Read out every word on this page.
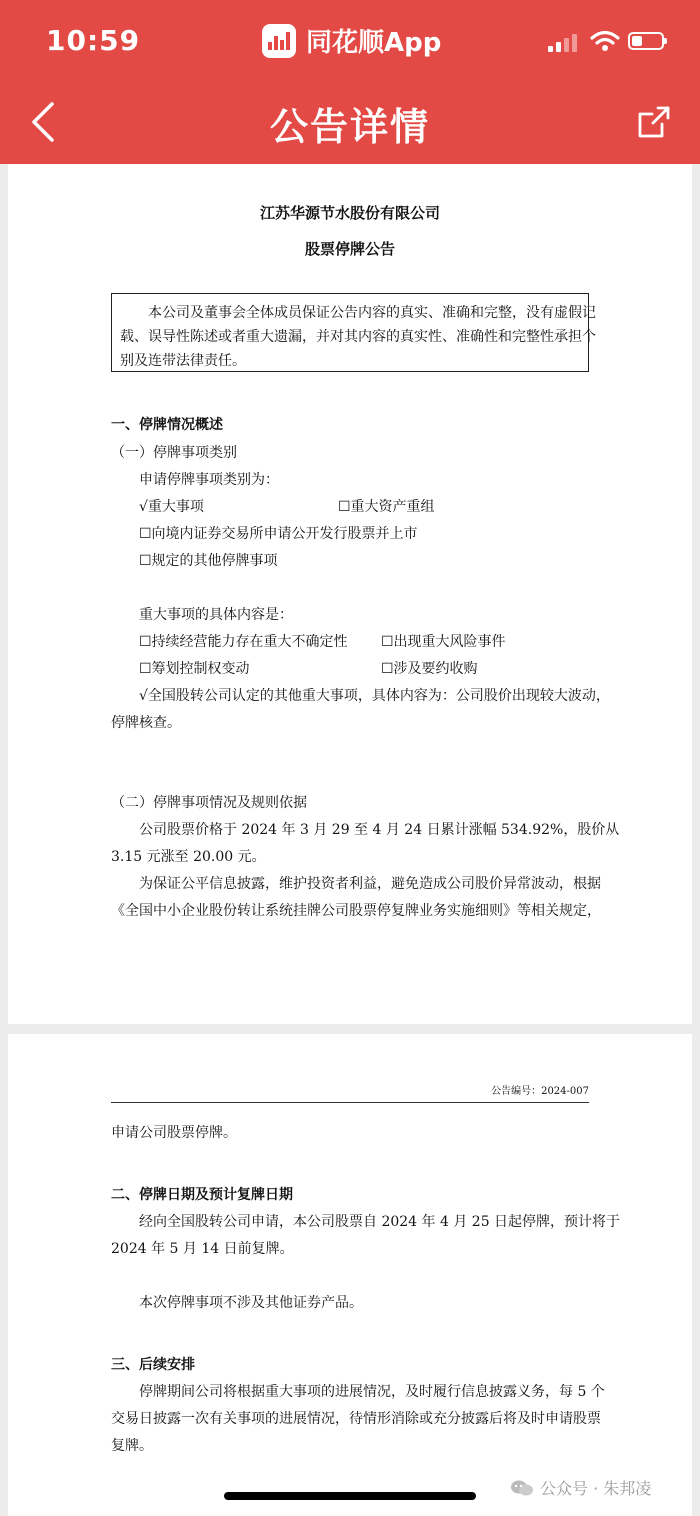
10:59	同花顺App
公告详情
江苏华源节水股份有限公司
股票停牌公告
本公司及董事会全体成员保证公告内容的真实、准确和完整，没有虚假记
载、误导性陈述或者重大遗漏，并对其内容的真实性、准确性和完整性承担个
别及连带法律责任。
一、停牌情况概述
（一）停牌事项类别
申请停牌事项类别为：
√重大事项	☐重大资产重组
☐向境内证券交易所申请公开发行股票并上市
☐规定的其他停牌事项
重大事项的具体内容是：
☐持续经营能力存在重大不确定性 ☐出现重大风险事件
☐筹划控制权变动	☐涉及要约收购
√全国股转公司认定的其他重大事项，具体内容为：公司股价出现较大波动，
停牌核查。
（二）停牌事项情况及规则依据
公司股票价格于 2024 年 3 月 29 至 4 月 24 日累计涨幅 534.92%，股价从
3.15 元涨至 20.00 元。
为保证公平信息披露，维护投资者利益，避免造成公司股价异常波动，根据
《全国中小企业股份转让系统挂牌公司股票停复牌业务实施细则》等相关规定，
公告编号：2024-007
申请公司股票停牌。
二、停牌日期及预计复牌日期
经向全国股转公司申请，本公司股票自 2024 年 4 月 25 日起停牌，预计将于
2024 年 5 月 14 日前复牌。
本次停牌事项不涉及其他证券产品。
三、后续安排
停牌期间公司将根据重大事项的进展情况，及时履行信息披露义务，每 5 个
交易日披露一次有关事项的进展情况，待情形消除或充分披露后将及时申请股票
复牌。
公众号 · 朱邦凌
